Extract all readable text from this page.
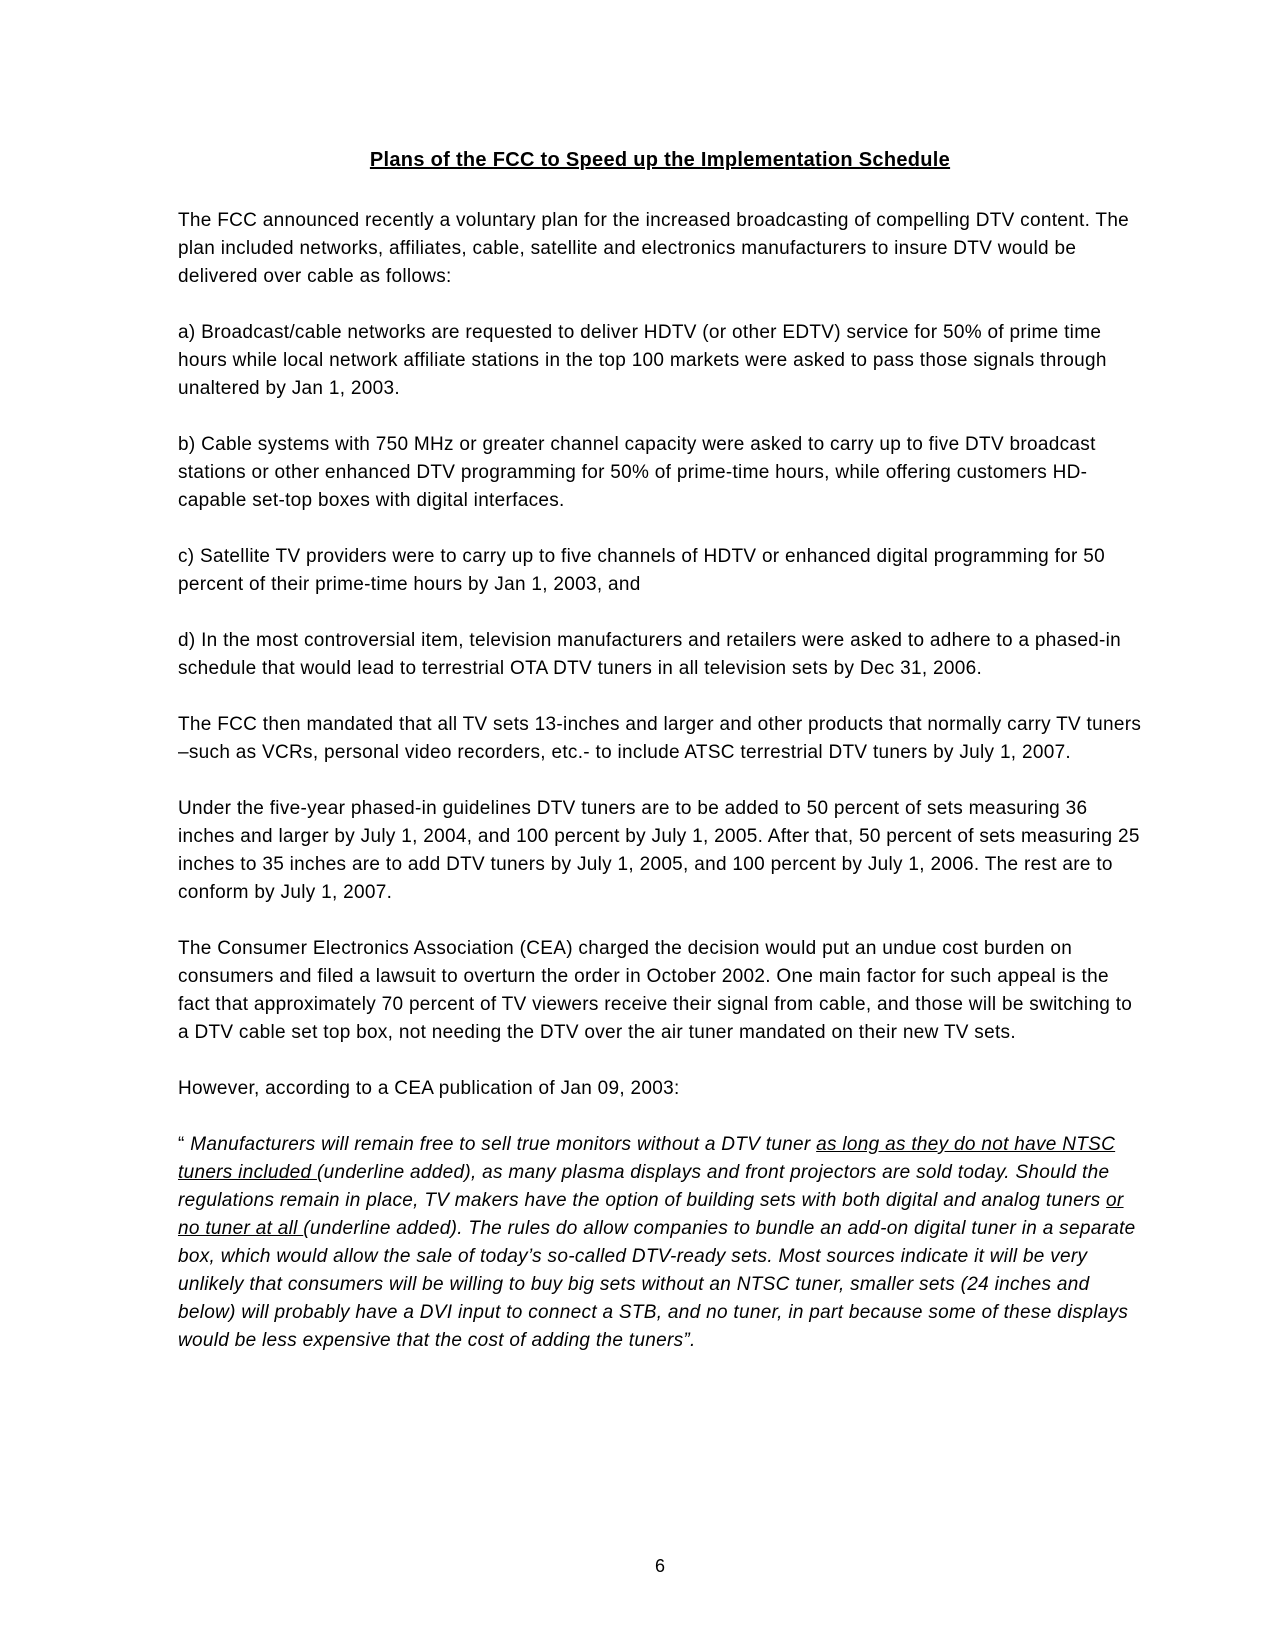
Plans of the FCC to Speed up the Implementation Schedule

The FCC announced recently a voluntary plan for the increased broadcasting of compelling DTV content. The plan included networks, affiliates, cable, satellite and electronics manufacturers to insure DTV would be delivered over cable as follows:

a) Broadcast/cable networks are requested to deliver HDTV (or other EDTV) service for 50% of prime time hours while local network affiliate stations in the top 100 markets were asked to pass those signals through unaltered by Jan 1, 2003.

b) Cable systems with 750 MHz or greater channel capacity were asked to carry up to five DTV broadcast stations or other enhanced DTV programming for 50% of prime-time hours, while offering customers HD-capable set-top boxes with digital interfaces.

c) Satellite TV providers were to carry up to five channels of HDTV or enhanced digital programming for 50 percent of their prime-time hours by Jan 1, 2003, and

d) In the most controversial item, television manufacturers and retailers were asked to adhere to a phased-in schedule that would lead to terrestrial OTA DTV tuners in all television sets by Dec 31, 2006.

The FCC then mandated that all TV sets 13-inches and larger and other products that normally carry TV tuners –such as VCRs, personal video recorders, etc.- to include ATSC terrestrial DTV tuners by July 1, 2007.

Under the five-year phased-in guidelines DTV tuners are to be added to 50 percent of sets measuring 36 inches and larger by July 1, 2004, and 100 percent by July 1, 2005. After that, 50 percent of sets measuring 25 inches to 35 inches are to add DTV tuners by July 1, 2005, and 100 percent by July 1, 2006. The rest are to conform by July 1, 2007.

The Consumer Electronics Association (CEA) charged the decision would put an undue cost burden on consumers and filed a lawsuit to overturn the order in October 2002. One main factor for such appeal is the fact that approximately 70 percent of TV viewers receive their signal from cable, and those will be switching to a DTV cable set top box, not needing the DTV over the air tuner mandated on their new TV sets.

However, according to a CEA publication of Jan 09, 2003:

“ Manufacturers will remain free to sell true monitors without a DTV tuner as long as they do not have NTSC tuners included (underline added), as many plasma displays and front projectors are sold today. Should the regulations remain in place, TV makers have the option of building sets with both digital and analog tuners or no tuner at all (underline added). The rules do allow companies to bundle an add-on digital tuner in a separate box, which would allow the sale of today’s so-called DTV-ready sets. Most sources indicate it will be very unlikely that consumers will be willing to buy big sets without an NTSC tuner, smaller sets (24 inches and below) will probably have a DVI input to connect a STB, and no tuner, in part because some of these displays would be less expensive that the cost of adding the tuners”.

6
